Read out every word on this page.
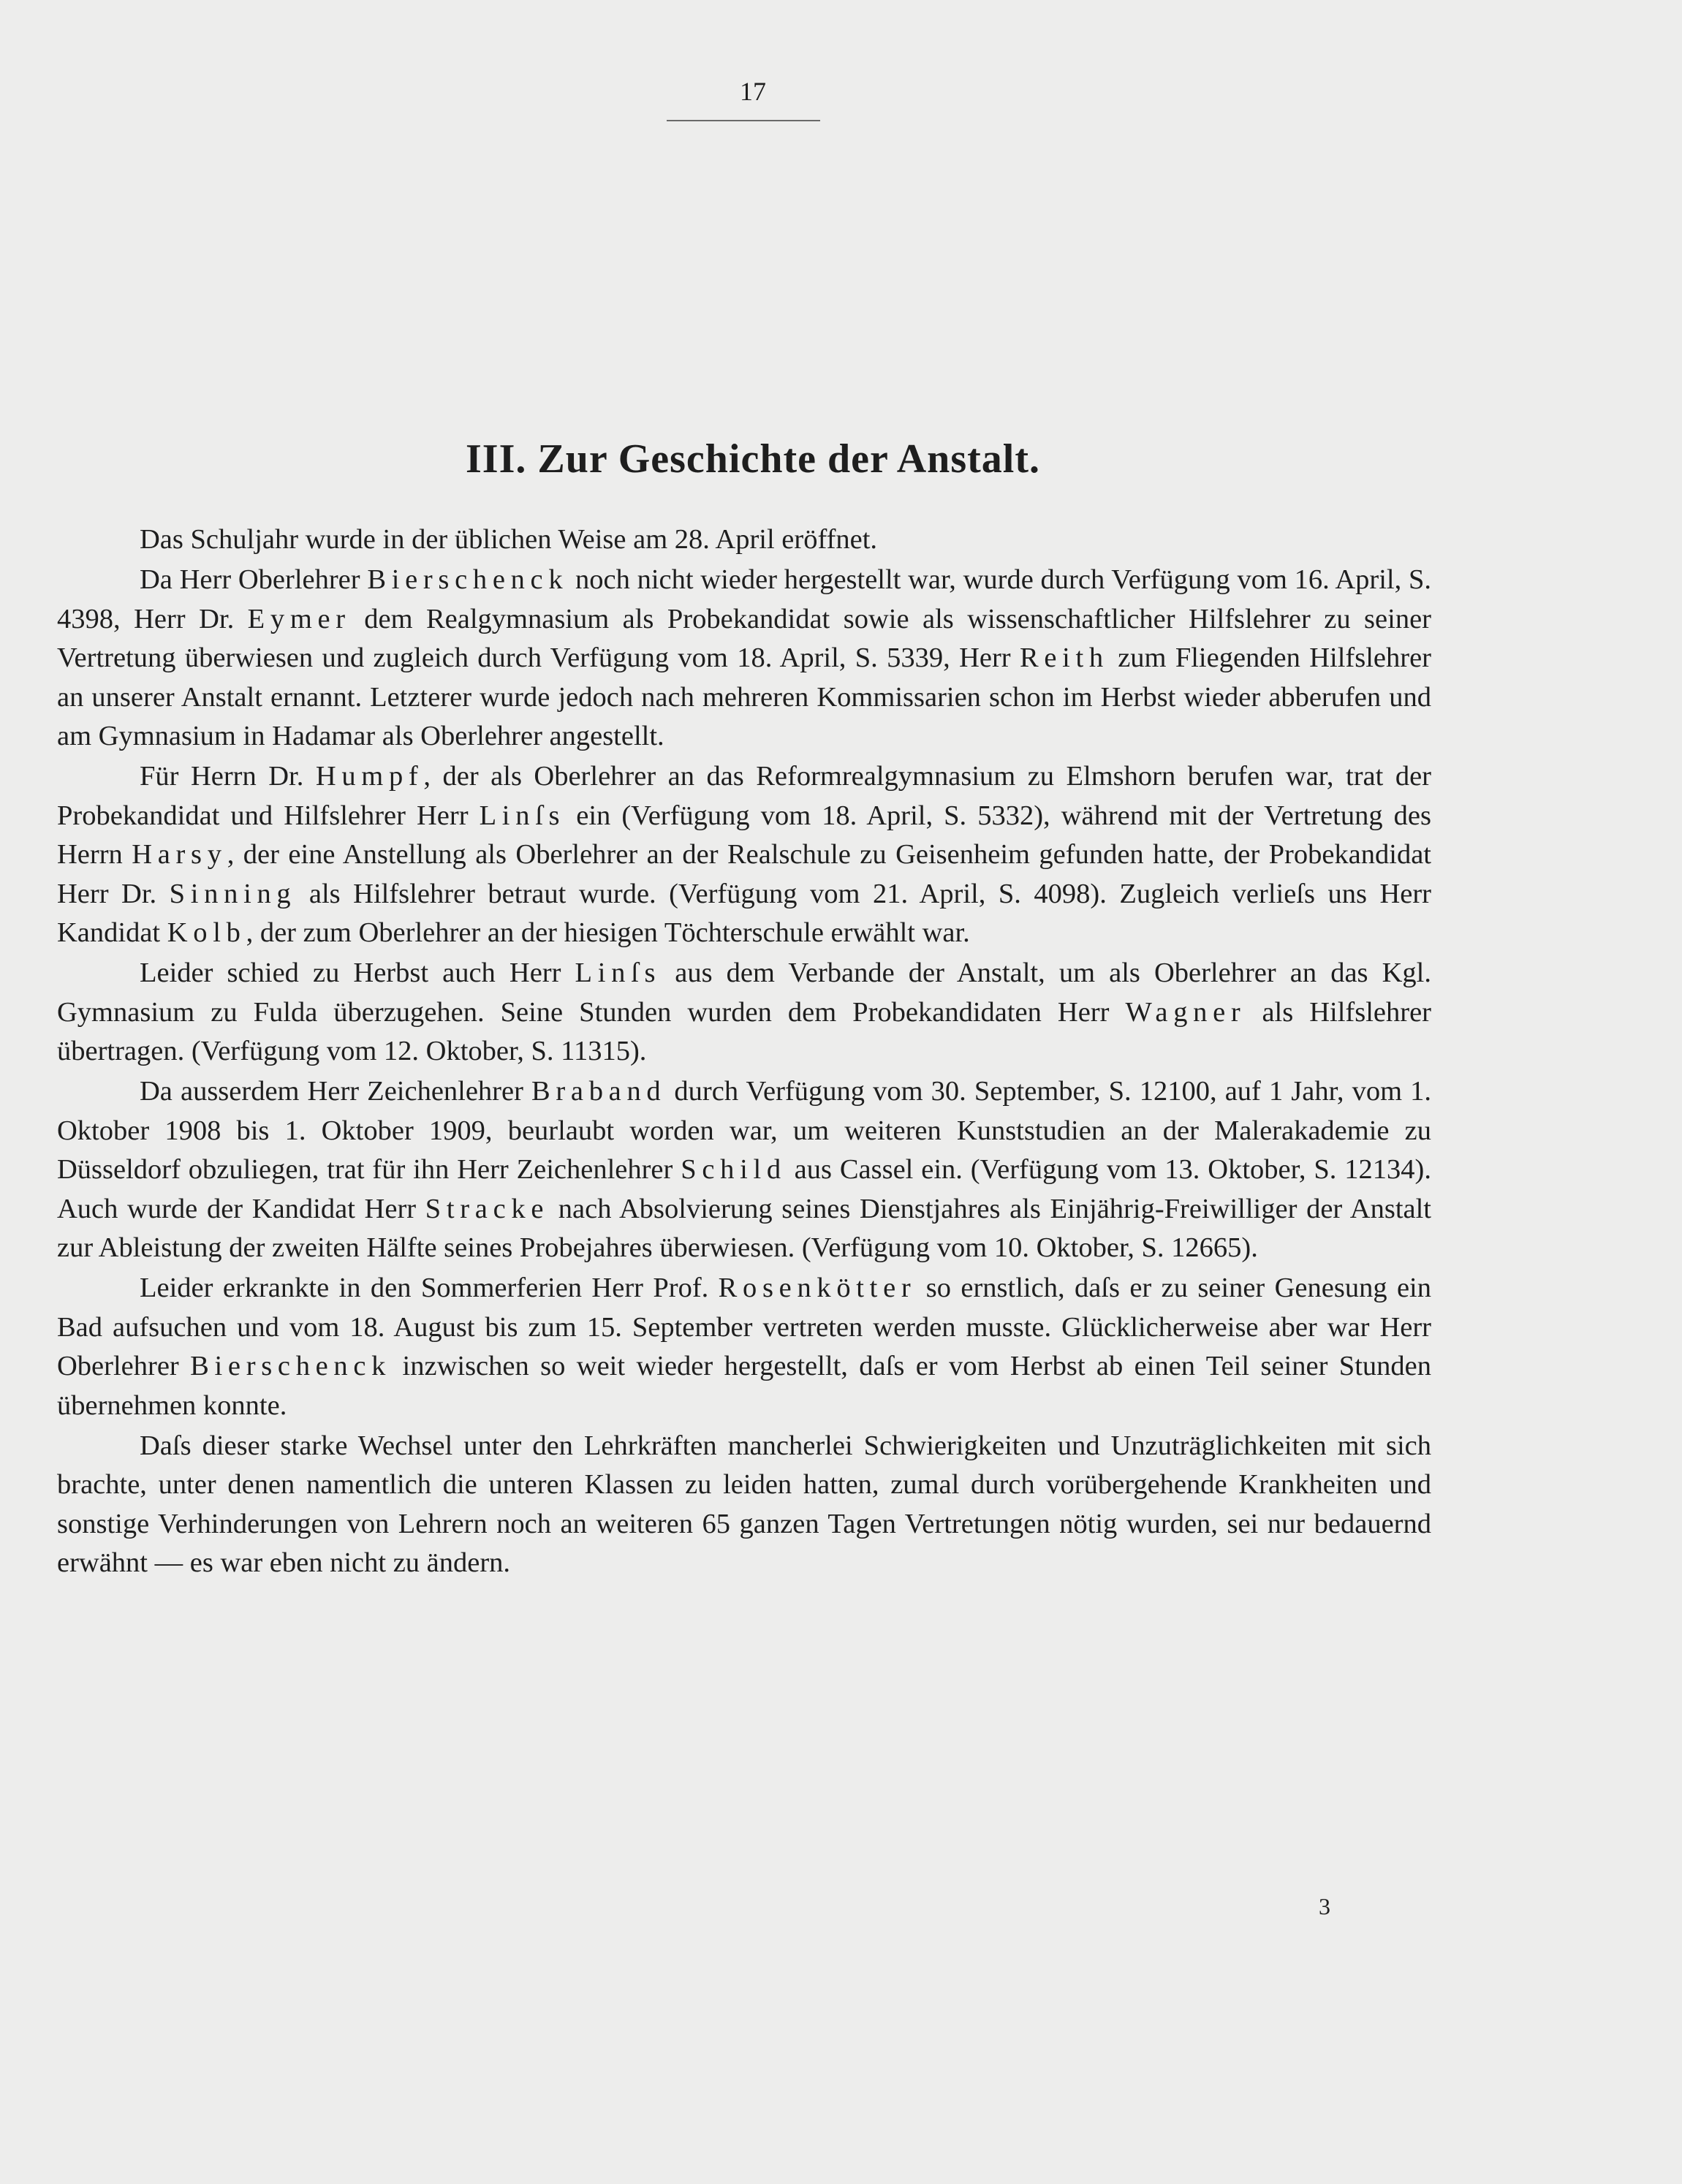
17
III. Zur Geschichte der Anstalt.

Das Schuljahr wurde in der üblichen Weise am 28. April eröffnet.

Da Herr Oberlehrer Bierschenck noch nicht wieder hergestellt war, wurde durch Verfügung vom 16. April, S. 4398, Herr Dr. Eymer dem Realgymnasium als Probekandidat sowie als wissenschaftlicher Hilfslehrer zu seiner Vertretung überwiesen und zugleich durch Verfügung vom 18. April, S. 5339, Herr Reith zum Fliegenden Hilfslehrer an unserer Anstalt ernannt. Letzterer wurde jedoch nach mehreren Kommissarien schon im Herbst wieder abberufen und am Gymnasium in Hadamar als Oberlehrer angestellt.

Für Herrn Dr. Humpf, der als Oberlehrer an das Reformrealgymnasium zu Elmshorn berufen war, trat der Probekandidat und Hilfslehrer Herr Linſs ein (Verfügung vom 18. April, S. 5332), während mit der Vertretung des Herrn Harsy, der eine Anstellung als Oberlehrer an der Realschule zu Geisenheim gefunden hatte, der Probekandidat Herr Dr. Sinning als Hilfslehrer betraut wurde. (Verfügung vom 21. April, S. 4098). Zugleich verlieſs uns Herr Kandidat Kolb, der zum Oberlehrer an der hiesigen Töchterschule erwählt war.

Leider schied zu Herbst auch Herr Linſs aus dem Verbande der Anstalt, um als Oberlehrer an das Kgl. Gymnasium zu Fulda überzugehen. Seine Stunden wurden dem Probekandidaten Herr Wagner als Hilfslehrer übertragen. (Verfügung vom 12. Oktober, S. 11315).

Da ausserdem Herr Zeichenlehrer Braband durch Verfügung vom 30. September, S. 12100, auf 1 Jahr, vom 1. Oktober 1908 bis 1. Oktober 1909, beurlaubt worden war, um weiteren Kunststudien an der Malerakademie zu Düsseldorf obzuliegen, trat für ihn Herr Zeichenlehrer Schild aus Cassel ein. (Verfügung vom 13. Oktober, S. 12134). Auch wurde der Kandidat Herr Stracke nach Absolvierung seines Dienstjahres als Einjährig-Freiwilliger der Anstalt zur Ableistung der zweiten Hälfte seines Probejahres überwiesen. (Verfügung vom 10. Oktober, S. 12665).

Leider erkrankte in den Sommerferien Herr Prof. Rosenkötter so ernstlich, daſs er zu seiner Genesung ein Bad aufsuchen und vom 18. August bis zum 15. September vertreten werden musste. Glücklicherweise aber war Herr Oberlehrer Bierschenck inzwischen so weit wieder hergestellt, daſs er vom Herbst ab einen Teil seiner Stunden übernehmen konnte.

Daſs dieser starke Wechsel unter den Lehrkräften mancherlei Schwierigkeiten und Unzuträglichkeiten mit sich brachte, unter denen namentlich die unteren Klassen zu leiden hatten, zumal durch vorübergehende Krankheiten und sonstige Verhinderungen von Lehrern noch an weiteren 65 ganzen Tagen Vertretungen nötig wurden, sei nur bedauernd erwähnt — es war eben nicht zu ändern.

3
